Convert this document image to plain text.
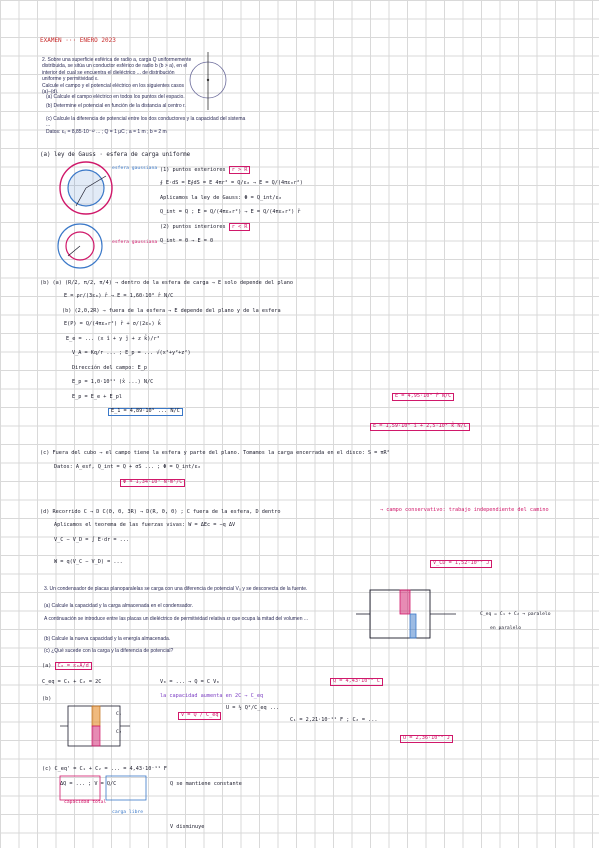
EXAMEN ··· ENERO 2023
2. Sobre una superficie esférica de radio a, carga Q uniformemente distribuida, se sitúa un conductor esférico de radio b (b > a), en el interior del cual se encuentra el dieléctrico ... de distribución uniforme y permitividad ε.
Calcule el campo y el potencial eléctrico en los siguientes casos (a)–(d).
(a) Calcule el campo eléctrico en todos los puntos del espacio.
(b) Determine el potencial en función de la distancia al centro r.
(c) Calcule la diferencia de potencial entre los dos conductores y la capacidad del sistema ...
Datos: ε₀ = 8,85·10⁻¹² ... ; Q = 1 μC ; a = 1 m ; b = 2 m
(a) ley de Gauss · esfera de carga uniforme
esfera gaussiana
esfera gaussiana
(1) puntos exteriores r > R
∮ E·dS = E∮dS = E 4πr² = Q/ε₀ → E = Q/(4πε₀r²)
Aplicamos la ley de Gauss: Φ = Q_int/ε₀
Q_int = Q ; E = Q/(4πε₀r²) → E = Q/(4πε₀r²) r̂
(2) puntos interiores r < R
Q_int = 0 → E = 0
(b) (a) (R/2, π/2, π/4) → dentro de la esfera de carga → E solo depende del plano
E = ρr/(3ε₀) r̂ → E = 1,60·10⁸ r̂ N/C
(b) (2,0,2R) → fuera de la esfera → E depende del plano y de la esfera
E(P) = Q/(4πε₀r²) r̂ + σ/(2ε₀) k̂
E_e = ... (x î + y ĵ + z k̂)/r³
V_A = Kq/r ... ; E_p = ... √(x²+y²+z²)
Dirección del campo: E_p
E_p = 1,0·10¹¹ (x̂ ...) N/C
E_p = E_e + E_pl	E = 4,95·10⁹ r̂ N/C
E_1 = 4,89·10⁹ ... N/C
E = 1,59·10⁹ î + 2,5·10⁹ k̂ N/C
(c) Fuera del cubo → el campo tiene la esfera y parte del plano. Tomamos la carga encerrada en el disco: S = πR²
Datos: A_esf, Q_int = Q + σS ... ; Φ = Q_int/ε₀
Φ = 1,34·10⁵ N·m²/C
(d) Recorrido C → D C(0, 0, 3R) → D(R, 0, 0) ; C fuera de la esfera, D dentro	→ campo conservativo: trabajo independiente del camino
Aplicamos el teorema de las fuerzas vivas: W = ΔEc = −q ΔV
V_C − V_D = ∫ E·dr = ...
W = q(V_C − V_D) = ...	V_CD = 1,52·10⁻⁵ J
3. Un condensador de placas planoparalelas se carga con una diferencia de potencial V₀ y se desconecta de la fuente.
(a) Calcule la capacidad y la carga almacenada en el condensador.
A continuación se introduce entre las placas un dieléctrico de permitividad relativa εr que ocupa la mitad del volumen ...
(b) Calcule la nueva capacidad y la energía almacenada.
(c) ¿Qué sucede con la carga y la diferencia de potencial?
C_eq = C₁ + C₂ → paralelo
en paralelo
(a) C₀ = ε₀A/d
C_eq = C₁ + C₂ = 2C	V₀ = ... → Q = C V₀	Q = 4,43·10⁻⁹ C
la capacidad aumenta en 2C → C_eq
(b)
C₁
C₂
V = Q / C_eq
U = ½ Q²/C_eq ...
C₁ = 2,21·10⁻¹¹ F ; C₂ = ...
U = 2,36·10⁻⁸ J
(c) C_eq' = C₁ + C₂ = ... = 4,43·10⁻¹¹ F
ΔQ = ... ; V = Q/C
capacidad total
carga libre
Q se mantiene constante
V disminuye
